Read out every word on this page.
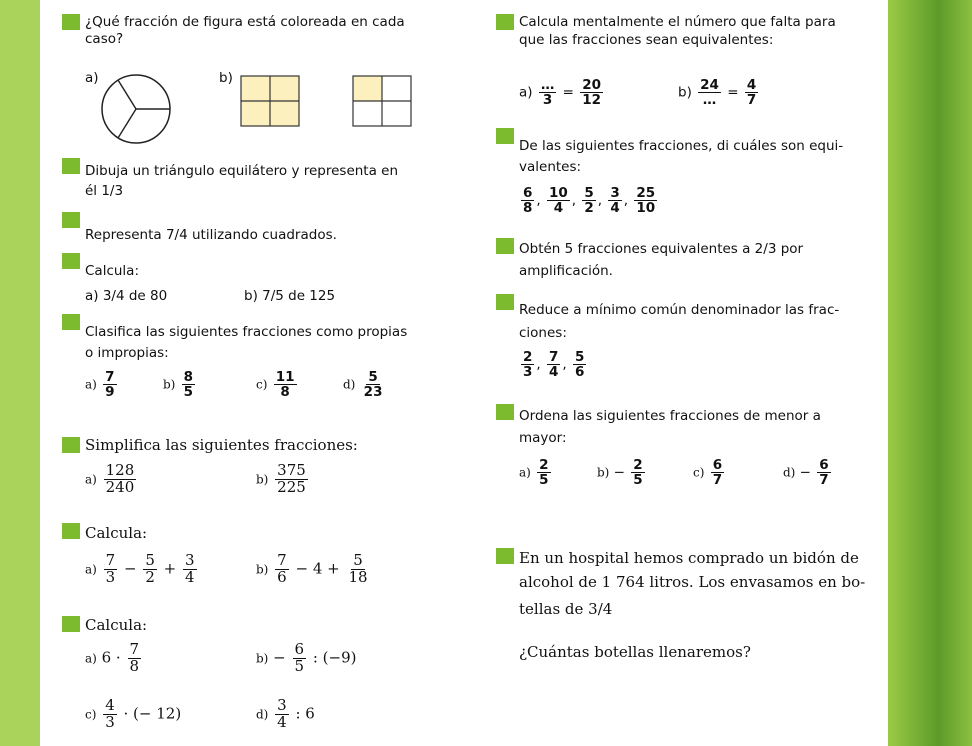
¿Qué fracción de figura está coloreada en cada
caso?
a)	b)
Dibuja un triángulo equilátero y representa en
él 1/3
Representa 7/4 utilizando cuadrados.
Calcula:
a) 3/4 de 80	b) 7/5 de 125
Clasifica las siguientes fracciones como propias
o impropias:
$a) \frac{7}{9}$	$b) \frac{8}{5}$	$c) \frac{11}{8}$	$d) \frac{5}{23}$
Simplifica las siguientes fracciones:
$a) \frac{128}{240}$	$b) \frac{375}{225}$
Calcula:
$a) \frac{7}{3} - \frac{5}{2} + \frac{3}{4}$	$b) \frac{7}{6} - 4 + \frac{5}{18}$
Calcula:
a) $6 \cdot \frac{7}{8}$	$b) - \frac{6}{5}$ : (−9)
$c) \frac{4}{3}$ · (− 12)	$d) \frac{3}{4}$ : 6
Calcula mentalmente el número que falta para
que las fracciones sean equivalentes:
$a) \frac{\dots}{3} = \frac{20}{12}$	$b) \frac{24}{\dots} = \frac{4}{7}$
De las siguientes fracciones, di cuáles son equi-
valentes:
$\frac{6}{8}$ , $\frac{10}{4}$ , $\frac{5}{2}$ , $\frac{3}{4}$ , $\frac{25}{10}$
Obtén 5 fracciones equivalentes a 2/3 por
amplificación.
Reduce a mínimo común denominador las frac-
ciones:
$\frac{2}{3}$ , $\frac{7}{4}$ , $\frac{5}{6}$
Ordena las siguientes fracciones de menor a
mayor:
$a) \frac{2}{5}$	$b) - \frac{2}{5}$	$c) \frac{6}{7}$	$d) - \frac{6}{7}$
En un hospital hemos comprado un bidón de
alcohol de 1 764 litros. Los envasamos en bo-
tellas de 3/4
¿Cuántas botellas llenaremos?
